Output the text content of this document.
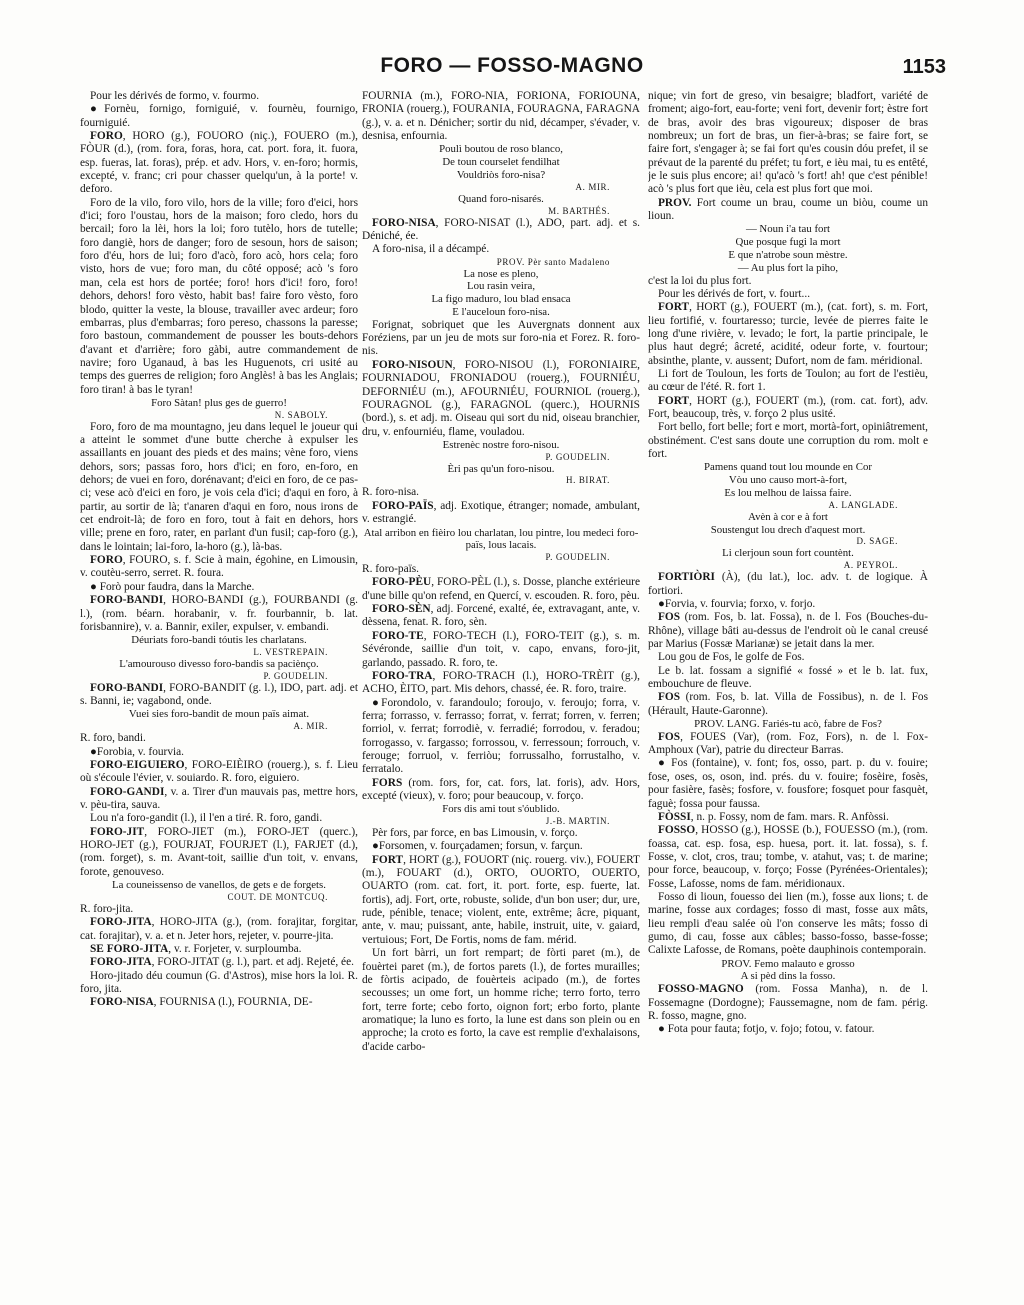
FORO — FOSSO-MAGNO	1153

Pour les dérivés de formo, v. fourmo.

●Fornèu, fornigo, forniguié, v. fournèu, fournigo, fourniguié.

FORO, HORO (g.), FOUORO (niç.), FOUERO (m.), FÒUR (d.), (rom. fora, foras, hora, cat. port. fora, it. fuora, esp. fueras, lat. foras), prép. et adv. Hors, v. en-foro; hormis, excepté, v. franc; cri pour chasser quelqu'un, à la porte! v. deforo.

Foro de la vilo, foro vilo, hors de la ville; foro d'eici, hors d'ici; foro l'oustau, hors de la maison; foro cledo, hors du bercail; foro la lèi, hors la loi; foro tutèlo, hors de tutelle; foro dangiè, hors de danger; foro de sesoun, hors de saison; foro d'éu, hors de lui; foro d'acò, foro acò, hors cela; foro visto, hors de vue; foro man, du côté opposé; acò 's foro man, cela est hors de portée; foro! hors d'ici! foro, foro! dehors, dehors! foro vèsto, habit bas! faire foro vèsto, foro blodo, quitter la veste, la blouse, travailler avec ardeur; foro embarras, plus d'embarras; foro pereso, chassons la paresse; foro bastoun, commandement de pousser les bouts-dehors d'avant et d'arrière; foro gàbi, autre commandement de navire; foro Uganaud, à bas les Huguenots, cri usité au temps des guerres de religion; foro Anglès! à bas les Anglais; foro tiran! à bas le tyran!

Foro Sàtan! plus ges de guerro!

N. SABOLY.

Foro, foro de ma mountagno, jeu dans lequel le joueur qui a atteint le sommet d'une butte cherche à expulser les assaillants en jouant des pieds et des mains; vène foro, viens dehors, sors; passas foro, hors d'ici; en foro, en-foro, en dehors; de vuei en foro, dorénavant; d'eici en foro, de ce pas-ci; vese acò d'eici en foro, je vois cela d'ici; d'aqui en foro, à partir, au sortir de là; t'anaren d'aqui en foro, nous irons de cet endroit-là; de foro en foro, tout à fait en dehors, hors ville; prene en foro, rater, en parlant d'un fusil; cap-foro (g.), dans le lointain; lai-foro, la-horo (g.), là-bas.

FORO, FOURO, s. f. Scie à main, égohine, en Limousin, v. coutèu-serro, serret. R. foura.

● Forò pour faudra, dans la Marche.

FORO-BANDI, HORO-BANDI (g.), FOURBANDI (g. l.), (rom. béarn. horabanir, v. fr. fourbannir, b. lat. forisbannire), v. a. Bannir, exiler, expulser, v. embandi.

Déuriats foro-bandi tóutis les charlatans.

L. VESTREPAIN.

L'amourouso divesso foro-bandis sa paciènço.

P. GOUDELIN.

FORO-BANDI, FORO-BANDIT (g. l.), IDO, part. adj. et s. Banni, ie; vagabond, onde.

Vuei sies foro-bandit de moun païs aimat.

A. MIR.

R. foro, bandi.

●Forobia, v. fourvia.

FORO-EIGUIERO, FORO-EIÈIRO (rouerg.), s. f. Lieu où s'écoule l'évier, v. souiardo. R. foro, eiguiero.

FORO-GANDI, v. a. Tirer d'un mauvais pas, mettre hors, v. pèu-tira, sauva.

Lou n'a foro-gandit (l.), il l'en a tiré. R. foro, gandi.

FORO-JIT, FORO-JIET (m.), FORO-JET (querc.), HORO-JET (g.), FOURJAT, FOURJET (l.), FARJET (d.), (rom. forget), s. m. Avant-toit, saillie d'un toit, v. envans, forote, genouveso.

La couneissenso de vanellos, de gets e de forgets.

COUT. DE MONTCUQ.

R. foro-jita.

FORO-JITA, HORO-JITA (g.), (rom. forajitar, forgitar, cat. forajitar), v. a. et n. Jeter hors, rejeter, v. pourre-jita.

SE FORO-JITA, v. r. Forjeter, v. surploumba.

FORO-JITA, FORO-JITAT (g. l.), part. et adj. Rejeté, ée.

Horo-jitado déu coumun (G. d'Astros), mise hors la loi. R. foro, jita.

FORO-NISA, FOURNISA (l.), FOURNIA, DE-

FOURNIA (m.), FORO-NIA, FORIONA, FORIOUNA, FRONIA (rouerg.), FOURANIA, FOURAGNA, FARAGNA (g.), v. a. et n. Dénicher; sortir du nid, décamper, s'évader, v. desnisa, enfournia.

Poulì boutou de roso blanco,
De toun courselet fendilhat
Vouldriòs foro-nisa?

A. MIR.

Quand foro-nisarés.

M. BARTHÉS.

FORO-NISA, FORO-NISAT (l.), ADO, part. adj. et s. Déniché, ée.

A foro-nisa, il a décampé.

PROV. Pèr santo Madaleno

La nose es pleno,
Lou rasin veira,
La figo maduro, lou blad ensaca
E l'auceloun foro-nisa.

Forignat, sobriquet que les Auvergnats donnent aux Foréziens, par un jeu de mots sur foro-nia et Forez. R. foro-nis.

FORO-NISOUN, FORO-NISOU (l.), FORONIAIRE, FOURNIADOU, FRONIADOU (rouerg.), FOURNIÉU, DEFORNIÉU (m.), AFOURNIÉU, FOURNIOL (rouerg.), FOURAGNOL (g.), FARAGNOL (querc.), HOURNIS (bord.), s. et adj. m. Oiseau qui sort du nid, oiseau branchier, dru, v. enfourniéu, flame, vouladou.

Estrenèc nostre foro-nisou.

P. GOUDELIN.

Èri pas qu'un foro-nisou.

H. BIRAT.

R. foro-nisa.

FORO-PAÏS, adj. Exotique, étranger; nomade, ambulant, v. estrangié.

Atal arribon en fièiro lou charlatan, lou pintre, lou medeci foro-païs, lous lacais.

P. GOUDELIN.

R. foro-païs.

FORO-PÈU, FORO-PÈL (l.), s. Dosse, planche extérieure d'une bille qu'on refend, en Quercí, v. escouden. R. foro, pèu.

FORO-SÈN, adj. Forcené, exalté, ée, extravagant, ante, v. dèssena, fenat. R. foro, sèn.

FORO-TE, FORO-TECH (l.), FORO-TEIT (g.), s. m. Sévéronde, saillie d'un toit, v. capo, envans, foro-jit, garlando, passado. R. foro, te.

FORO-TRA, FORO-TRACH (l.), HORO-TRÈIT (g.), ACHO, ÈITO, part. Mis dehors, chassé, ée. R. foro, traire.

●Forondolo, v. farandoulo; foroujo, v. feroujo; forra, v. ferra; forrasso, v. ferrasso; forrat, v. ferrat; forren, v. ferren; forriol, v. ferrat; forrodiè, v. ferradié; forrodou, v. feradou; forrogasso, v. fargasso; forrossou, v. ferressoun; forrouch, v. ferouge; forruol, v. ferriòu; forrussalho, forrustalho, v. ferratalo.

FORS (rom. fors, for, cat. fors, lat. foris), adv. Hors, excepté (vieux), v. foro; pour beaucoup, v. forço.

Fors dis ami tout s'óublido.

J.-B. MARTIN.

Pèr fors, par force, en bas Limousin, v. forço.

●Forsomen, v. fourçadamen; forsun, v. farçun.

FORT, HORT (g.), FOUORT (niç. rouerg. viv.), FOUERT (m.), FOUART (d.), ORTO, OUORTO, OUERTO, OUARTO (rom. cat. fort, it. port. forte, esp. fuerte, lat. fortis), adj. Fort, orte, robuste, solide, d'un bon user; dur, ure, rude, pénible, tenace; violent, ente, extrême; âcre, piquant, ante, v. mau; puissant, ante, habile, instruit, uite, v. gaiard, vertuious; Fort, De Fortis, noms de fam. mérid.

Un fort bàrri, un fort rempart; de fòrti paret (m.), de fouèrtei paret (m.), de fortos parets (l.), de fortes murailles; de fòrtis acipado, de fouèrteis acipado (m.), de fortes secousses; un ome fort, un homme riche; terro forto, terro fort, terre forte; cebo forto, oignon fort; erbo forto, plante aromatique; la luno es forto, la lune est dans son plein ou en approche; la croto es forto, la cave est remplie d'exhalaisons, d'acide carbo-

nique; vin fort de greso, vin besaigre; bladfort, variété de froment; aigo-fort, eau-forte; veni fort, devenir fort; èstre fort de bras, avoir des bras vigoureux; disposer de bras nombreux; un fort de bras, un fier-à-bras; se faire fort, se faire fort, s'engager à; se fai fort qu'es cousin dóu prefet, il se prévaut de la parenté du préfet; tu fort, e ièu mai, tu es entêté, je le suis plus encore; ai! qu'acò 's fort! ah! que c'est pénible! acò 's plus fort que ièu, cela est plus fort que moi.

PROV. Fort coume un brau, coume un biòu, coume un lioun.

— Noun i'a tau fort
Que posque fugi la mort
E que n'atrobe soun mèstre.

— Au plus fort la piho,

c'est la loi du plus fort.

Pour les dérivés de fort, v. fourt...

FORT, HORT (g.), FOUERT (m.), (cat. fort), s. m. Fort, lieu fortifié, v. fourtaresso; turcie, levée de pierres faite le long d'une rivière, v. levado; le fort, la partie principale, le plus haut degré; âcreté, acidité, odeur forte, v. fourtour; absinthe, plante, v. aussent; Dufort, nom de fam. méridional.

Li fort de Touloun, les forts de Toulon; au fort de l'estièu, au cœur de l'été. R. fort 1.

FORT, HORT (g.), FOUERT (m.), (rom. cat. fort), adv. Fort, beaucoup, très, v. forço 2 plus usité.

Fort bello, fort belle; fort e mort, mortà-fort, opiniâtrement, obstinément. C'est sans doute une corruption du rom. molt e fort.

Pamens quand tout lou mounde en Cor
Vòu uno causo mort-à-fort,
Es lou melhou de laissa faire.

A. LANGLADE.

Avèn à cor e à fort
Soustengut lou drech d'aquest mort.

D. SAGE.

Li clerjoun soun fort countènt.

A. PEYROL.

FORTIÒRI (À), (du lat.), loc. adv. t. de logique. À fortiori.

●Forvia, v. fourvia; forxo, v. forjo.

FOS (rom. Fos, b. lat. Fossa), n. de l. Fos (Bouches-du-Rhône), village bâti au-dessus de l'endroit où le canal creusé par Marius (Fossæ Marianæ) se jetait dans la mer.

Lou gou de Fos, le golfe de Fos.

Le b. lat. fossam a signifié « fossé » et le b. lat. fux, embouchure de fleuve.

FOS (rom. Fos, b. lat. Villa de Fossibus), n. de l. Fos (Hérault, Haute-Garonne).

PROV. LANG. Fariés-tu acò, fabre de Fos?

FOS, FOUES (Var), (rom. Foz, Fors), n. de l. Fox-Amphoux (Var), patrie du directeur Barras.

● Fos (fontaine), v. font; fos, osso, part. p. du v. fouire; fose, oses, os, oson, ind. prés. du v. fouire; fosèire, fosès, pour fasière, fasès; fosfore, v. fousfore; fosquet pour fasquèt, faguè; fossa pour faussa.

FÒSSI, n. p. Fossy, nom de fam. mars. R. Anfòssi.

FOSSO, HOSSO (g.), HOSSE (b.), FOUESSO (m.), (rom. foassa, cat. esp. fosa, esp. huesa, port. it. lat. fossa), s. f. Fosse, v. clot, cros, trau; tombe, v. atahut, vas; t. de marine; pour force, beaucoup, v. forço; Fosse (Pyrénées-Orientales); Fosse, Lafosse, noms de fam. méridionaux.

Fosso di lioun, fouesso dei lien (m.), fosse aux lions; t. de marine, fosse aux cordages; fosso di mast, fosse aux mâts, lieu rempli d'eau salée où l'on conserve les mâts; fosso di gumo, di cau, fosse aux câbles; basso-fosso, basse-fosse; Calixte Lafosse, de Romans, poète dauphinois contemporain.

PROV. Femo malauto e grosso
A si pèd dins la fosso.

FOSSO-MAGNO (rom. Fossa Manha), n. de l. Fossemagne (Dordogne); Faussemagne, nom de fam. périg. R. fosso, magne, gno.

● Fota pour fauta; fotjo, v. fojo; fotou, v. fatour.
